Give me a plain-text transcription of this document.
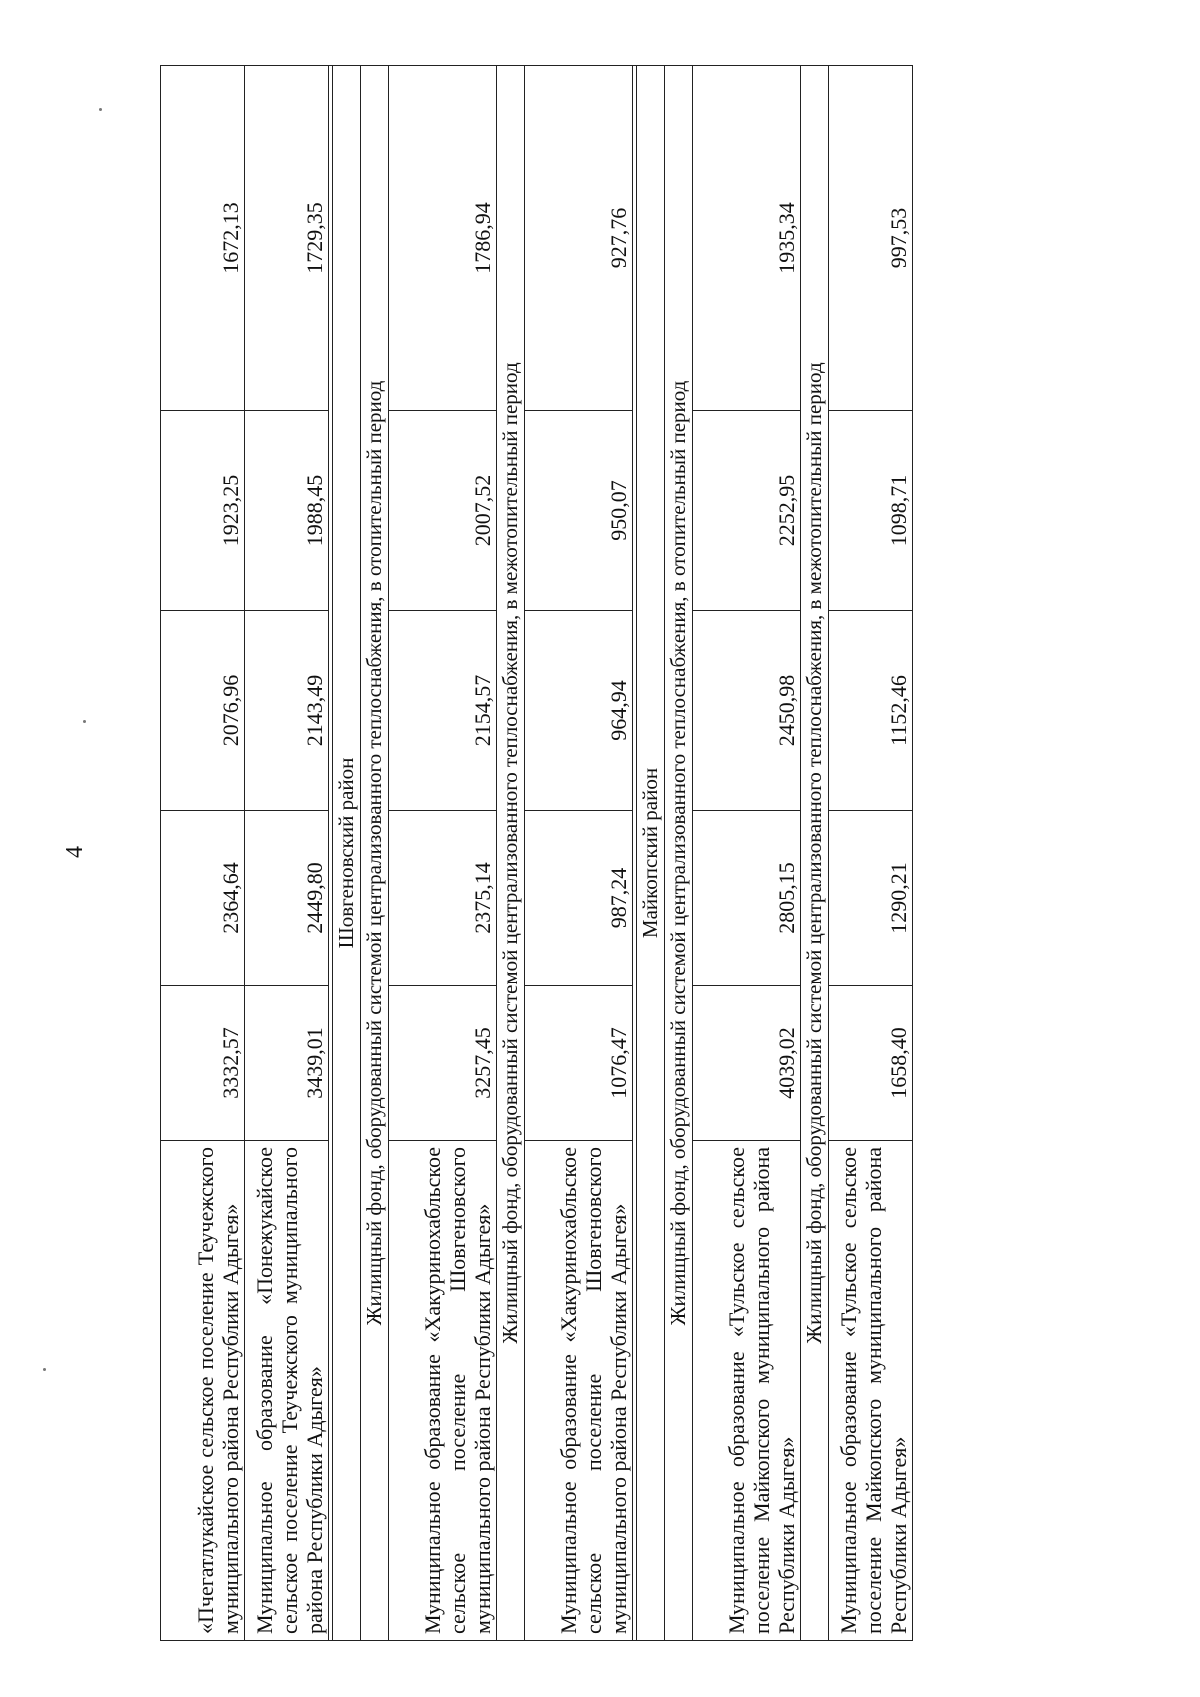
4
«Пчегатлукайское сельское поселение Теучежского муниципального района Республики Адыгея»	3332,57	2364,64	2076,96	1923,25	1672,13
Муниципальное образование «Понежукайское сельское поселение Теучежского муниципального района Республики Адыгея»	3439,01	2449,80	2143,49	1988,45	1729,35

Шовгеновский район					
Жилищный фонд, оборудованный системой централизованного теплоснабжения, в отопительный период					
Муниципальное образование «Хакуринохабльское сельское поселение Шовгеновского муниципального района Республики Адыгея»	3257,45	2375,14	2154,57	2007,52	1786,94
Жилищный фонд, оборудованный системой централизованного теплоснабжения, в межотопительный период					
Муниципальное образование «Хакуринохабльское сельское поселение Шовгеновского муниципального района Республики Адыгея»	1076,47	987,24	964,94	950,07	927,76

Майкопский район					
Жилищный фонд, оборудованный системой централизованного теплоснабжения, в отопительный период					
Муниципальное образование «Тульское сельское поселение Майкопского муниципального района Республики Адыгея»	4039,02	2805,15	2450,98	2252,95	1935,34
Жилищный фонд, оборудованный системой централизованного теплоснабжения, в межотопительный период					
Муниципальное образование «Тульское сельское поселение Майкопского муниципального района Республики Адыгея»	1658,40	1290,21	1152,46	1098,71	997,53
